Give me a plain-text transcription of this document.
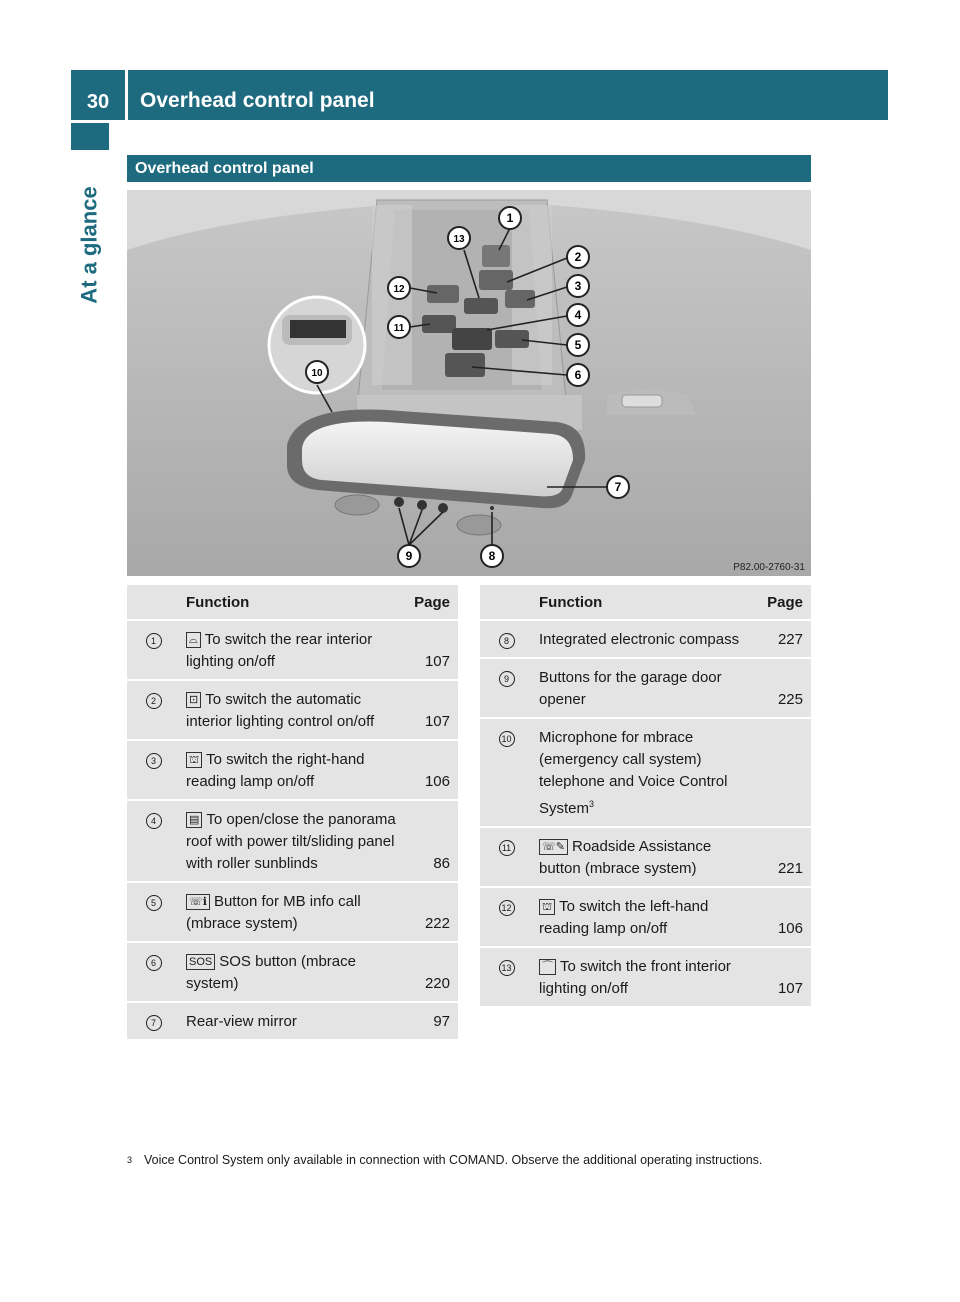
30	Overhead control panel
At a glance
Overhead control panel
1
2
3
4
5
6
7
8
9
10
11
12
13
P82.00-2760-31
	Function	Page
1	⌓ To switch the rear interior lighting on/off	107
2	⊡ To switch the automatic interior lighting control on/off	107
3	⛫ To switch the right-hand reading lamp on/off	106
4	▤ To open/close the panorama roof with power tilt/sliding panel with roller sunblinds	86
5	☏ℹ Button for MB info call (mbrace system)	222
6	SOS SOS button (mbrace system)	220
7	Rear-view mirror	97
	Function	Page
8	Integrated electronic compass	227
9	Buttons for the garage door opener	225
10	Microphone for mbrace (emergency call system) telephone and Voice Control System$^3$	
11	☏✎ Roadside Assistance button (mbrace system)	221
12	⛫ To switch the left-hand reading lamp on/off	106
13	⌒ To switch the front interior lighting on/off	107
3 Voice Control System only available in connection with COMAND. Observe the additional operating instructions.
